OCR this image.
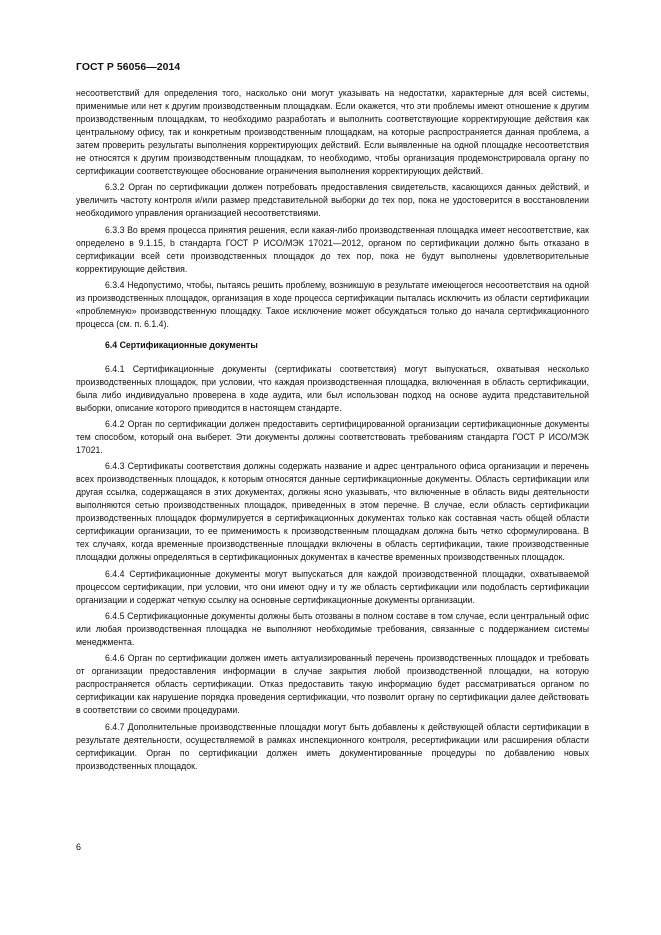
ГОСТ Р 56056—2014

несоответствий для определения того, насколько они могут указывать на недостатки, характерные для всей системы, применимые или нет к другим производственным площадкам. Если окажется, что эти проблемы имеют отношение к другим производственным площадкам, то необходимо разработать и выполнить соответствующие корректирующие действия как центральному офису, так и конкретным производственным площадкам, на которые распространяется данная проблема, а затем проверить результаты выполнения корректирующих действий. Если выявленные на одной площадке несоответствия не относятся к другим производственным площадкам, то необходимо, чтобы организация продемонстрировала органу по сертификации соответствующее обоснование ограничения выполнения корректирующих действий.

6.3.2 Орган по сертификации должен потребовать предоставления свидетельств, касающихся данных действий, и увеличить частоту контроля и/или размер представительной выборки до тех пор, пока не удостоверится в восстановлении необходимого управления организацией несоответствиями.

6.3.3 Во время процесса принятия решения, если какая-либо производственная площадка имеет несоответствие, как определено в 9.1.15, b стандарта ГОСТ Р ИСО/МЭК 17021—2012, органом по сертификации должно быть отказано в сертификации всей сети производственных площадок до тех пор, пока не будут выполнены удовлетворительные корректирующие действия.

6.3.4 Недопустимо, чтобы, пытаясь решить проблему, возникшую в результате имеющегося несоответствия на одной из производственных площадок, организация в ходе процесса сертификации пыталась исключить из области сертификации «проблемную» производственную площадку. Такое исключение может обсуждаться только до начала сертификационного процесса (см. п. 6.1.4).

6.4 Сертификационные документы

6.4.1 Сертификационные документы (сертификаты соответствия) могут выпускаться, охватывая несколько производственных площадок, при условии, что каждая производственная площадка, включенная в область сертификации, была либо индивидуально проверена в ходе аудита, или был использован подход на основе аудита представительной выборки, описание которого приводится в настоящем стандарте.

6.4.2 Орган по сертификации должен предоставить сертифицированной организации сертификационные документы тем способом, который она выберет. Эти документы должны соответствовать требованиям стандарта ГОСТ Р ИСО/МЭК 17021.

6.4.3 Сертификаты соответствия должны содержать название и адрес центрального офиса организации и перечень всех производственных площадок, к которым относятся данные сертификационные документы. Область сертификации или другая ссылка, содержащаяся в этих документах, должны ясно указывать, что включенные в область виды деятельности выполняются сетью производственных площадок, приведенных в этом перечне. В случае, если область сертификации производственных площадок формулируется в сертификационных документах только как составная часть общей области сертификации организации, то ее применимость к производственным площадкам должна быть четко сформулирована. В тех случаях, когда временные производственные площадки включены в область сертификации, такие производственные площадки должны определяться в сертификационных документах в качестве временных производственных площадок.

6.4.4 Сертификационные документы могут выпускаться для каждой производственной площадки, охватываемой процессом сертификации, при условии, что они имеют одну и ту же область сертификации или подобласть сертификации организации и содержат четкую ссылку на основные сертификационные документы организации.

6.4.5 Сертификационные документы должны быть отозваны в полном составе в том случае, если центральный офис или любая производственная площадка не выполняют необходимые требования, связанные с поддержанием системы менеджмента.

6.4.6 Орган по сертификации должен иметь актуализированный перечень производственных площадок и требовать от организации предоставления информации в случае закрытия любой производственной площадки, на которую распространяется область сертификации. Отказ предоставить такую информацию будет рассматриваться органом по сертификации как нарушение порядка проведения сертификации, что позволит органу по сертификации далее действовать в соответствии со своими процедурами.

6.4.7 Дополнительные производственные площадки могут быть добавлены к действующей области сертификации в результате деятельности, осуществляемой в рамках инспекционного контроля, ресертификации или расширения области сертификации. Орган по сертификации должен иметь документированные процедуры по добавлению новых производственных площадок.

6
